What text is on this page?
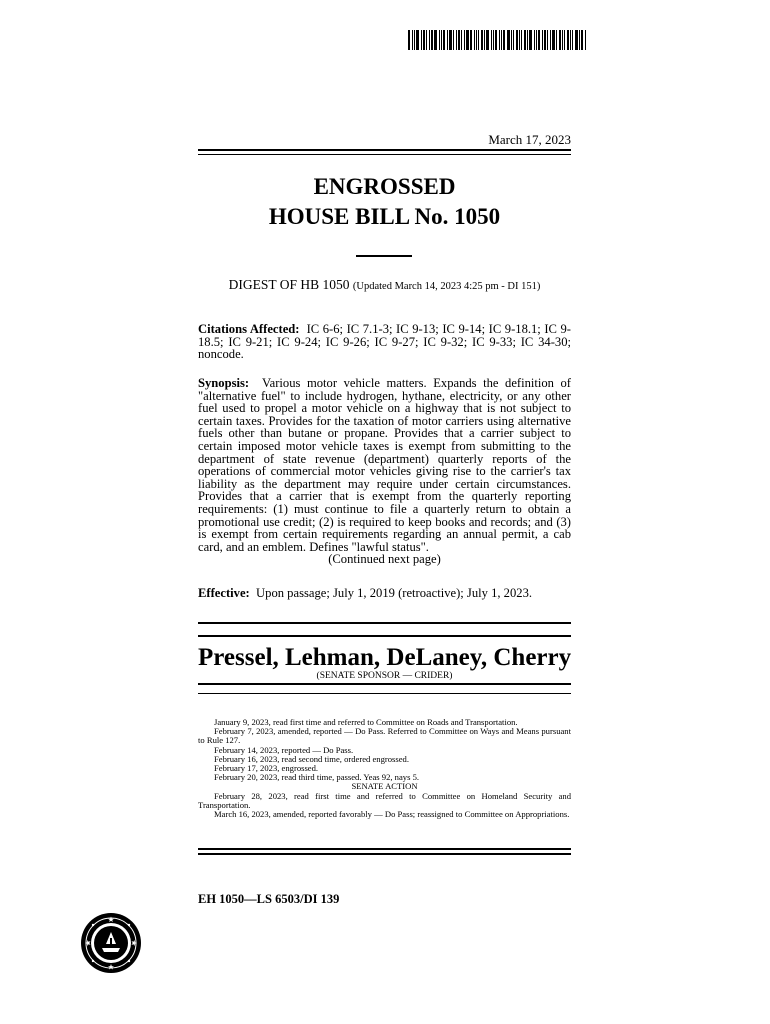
March 17, 2023
ENGROSSED
HOUSE BILL No. 1050
DIGEST OF HB 1050 (Updated March 14, 2023 4:25 pm - DI 151)
Citations Affected: IC 6-6; IC 7.1-3; IC 9-13; IC 9-14; IC 9-18.1; IC 9-18.5; IC 9-21; IC 9-24; IC 9-26; IC 9-27; IC 9-32; IC 9-33; IC 34-30; noncode.
Synopsis: Various motor vehicle matters. Expands the definition of "alternative fuel" to include hydrogen, hythane, electricity, or any other fuel used to propel a motor vehicle on a highway that is not subject to certain taxes. Provides for the taxation of motor carriers using alternative fuels other than butane or propane. Provides that a carrier subject to certain imposed motor vehicle taxes is exempt from submitting to the department of state revenue (department) quarterly reports of the operations of commercial motor vehicles giving rise to the carrier's tax liability as the department may require under certain circumstances. Provides that a carrier that is exempt from the quarterly reporting requirements: (1) must continue to file a quarterly return to obtain a promotional use credit; (2) is required to keep books and records; and (3) is exempt from certain requirements regarding an annual permit, a cab card, and an emblem. Defines "lawful status".
(Continued next page)
Effective: Upon passage; July 1, 2019 (retroactive); July 1, 2023.
Pressel, Lehman, DeLaney, Cherry
(SENATE SPONSOR — CRIDER)

January 9, 2023, read first time and referred to Committee on Roads and Transportation.

February 7, 2023, amended, reported — Do Pass. Referred to Committee on Ways and Means pursuant to Rule 127.

February 14, 2023, reported — Do Pass.

February 16, 2023, read second time, ordered engrossed.

February 17, 2023, engrossed.

February 20, 2023, read third time, passed. Yeas 92, nays 5.

SENATE ACTION

February 28, 2023, read first time and referred to Committee on Homeland Security and Transportation.

March 16, 2023, amended, reported favorably — Do Pass; reassigned to Committee on Appropriations.

EH 1050—LS 6503/DI 139
